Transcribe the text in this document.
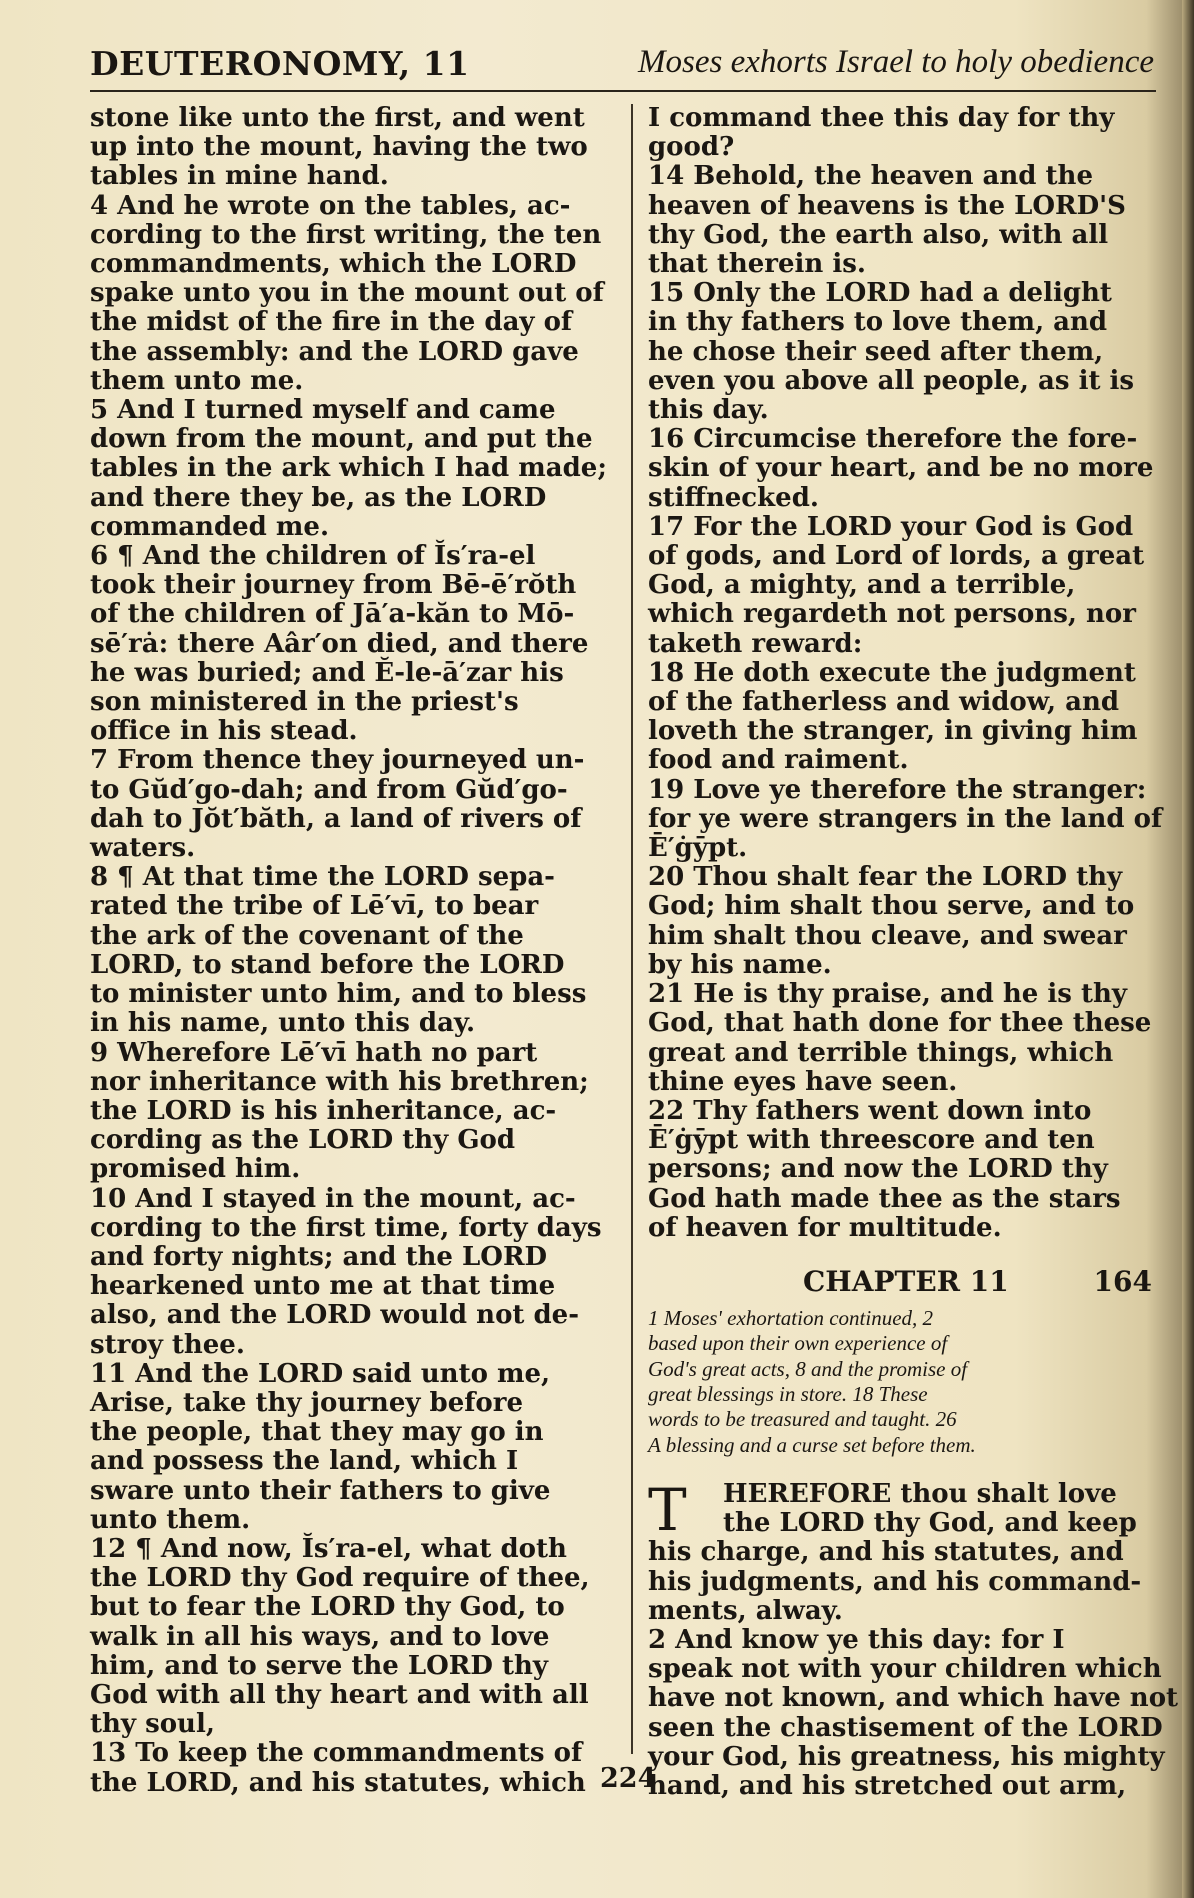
DEUTERONOMY, 11	Moses exhorts Israel to holy obedience

stone like unto the first, and went

up into the mount, having the two

tables in mine hand.

4 And he wrote on the tables, ac-

cording to the first writing, the ten

commandments, which the LORD

spake unto you in the mount out of

the midst of the fire in the day of

the assembly: and the LORD gave

them unto me.

5 And I turned myself and came

down from the mount, and put the

tables in the ark which I had made;

and there they be, as the LORD

commanded me.

6 ¶ And the children of Ĭs′ra-el

took their journey from Bē-ē′rŏth

of the children of Jā′a-kăn to Mō-

sē′rȧ: there Aâr′on died, and there

he was buried; and Ĕ-le-ā′zar his

son ministered in the priest's

office in his stead.

7 From thence they journeyed un-

to Gŭd′go-dah; and from Gŭd′go-

dah to Jŏt′băth, a land of rivers of

waters.

8 ¶ At that time the LORD sepa-

rated the tribe of Lē′vī, to bear

the ark of the covenant of the

LORD, to stand before the LORD

to minister unto him, and to bless

in his name, unto this day.

9 Wherefore Lē′vī hath no part

nor inheritance with his brethren;

the LORD is his inheritance, ac-

cording as the LORD thy God

promised him.

10 And I stayed in the mount, ac-

cording to the first time, forty days

and forty nights; and the LORD

hearkened unto me at that time

also, and the LORD would not de-

stroy thee.

11 And the LORD said unto me,

Arise, take thy journey before

the people, that they may go in

and possess the land, which I

sware unto their fathers to give

unto them.

12 ¶ And now, Ĭs′ra-el, what doth

the LORD thy God require of thee,

but to fear the LORD thy God, to

walk in all his ways, and to love

him, and to serve the LORD thy

God with all thy heart and with all

thy soul,

13 To keep the commandments of

the LORD, and his statutes, which

I command thee this day for thy

good?

14 Behold, the heaven and the

heaven of heavens is the LORD'S

thy God, the earth also, with all

that therein is.

15 Only the LORD had a delight

in thy fathers to love them, and

he chose their seed after them,

even you above all people, as it is

this day.

16 Circumcise therefore the fore-

skin of your heart, and be no more

stiffnecked.

17 For the LORD your God is God

of gods, and Lord of lords, a great

God, a mighty, and a terrible,

which regardeth not persons, nor

taketh reward:

18 He doth execute the judgment

of the fatherless and widow, and

loveth the stranger, in giving him

food and raiment.

19 Love ye therefore the stranger:

for ye were strangers in the land of

Ē′ġȳpt.

20 Thou shalt fear the LORD thy

God; him shalt thou serve, and to

him shalt thou cleave, and swear

by his name.

21 He is thy praise, and he is thy

God, that hath done for thee these

great and terrible things, which

thine eyes have seen.

22 Thy fathers went down into

Ē′ġȳpt with threescore and ten

persons; and now the LORD thy

God hath made thee as the stars

of heaven for multitude.

CHAPTER 11	164

1 Moses' exhortation continued, 2

based upon their own experience of

God's great acts, 8 and the promise of

great blessings in store. 18 These

words to be treasured and taught. 26

A blessing and a curse set before them.

T	HEREFORE thou shalt love

the LORD thy God, and keep

his charge, and his statutes, and

his judgments, and his command-

ments, alway.

2 And know ye this day: for I

speak not with your children which

have not known, and which have not

seen the chastisement of the LORD

your God, his greatness, his mighty

hand, and his stretched out arm,

224
